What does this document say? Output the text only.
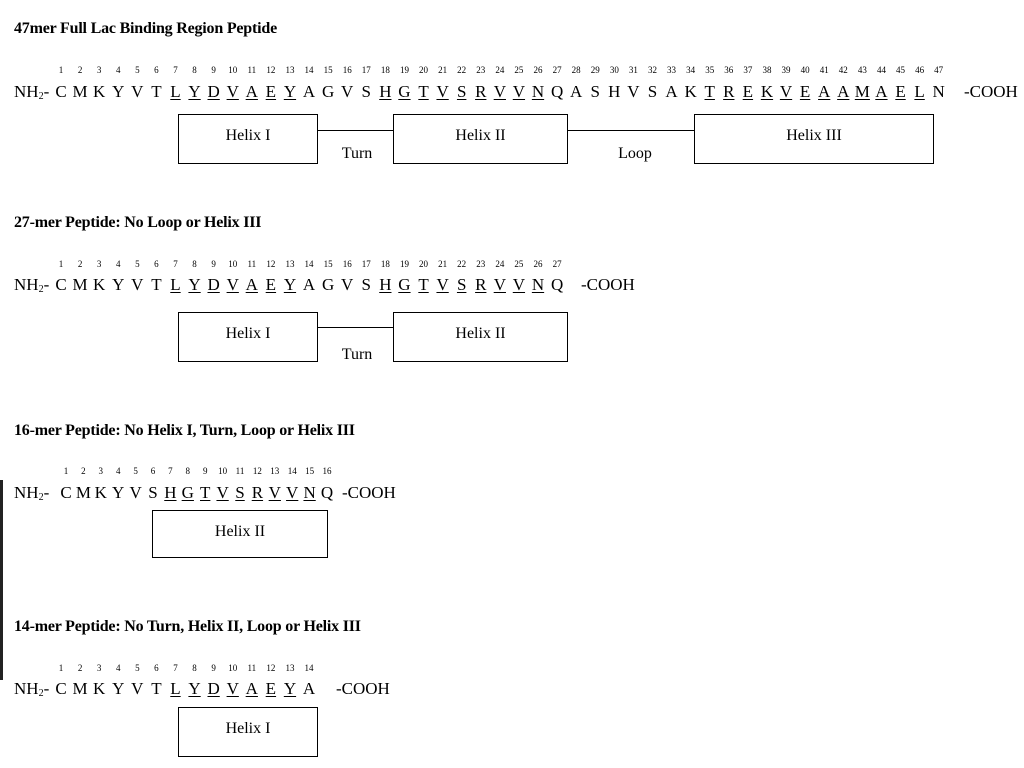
47mer Full Lac Binding Region Peptide
$NH_2-$	-COOH
Helix I	Helix II	Helix III
Turn	Loop
27-mer Peptide: No Loop or Helix III
$NH_2-$	-COOH
Helix I	Helix II
Turn
16-mer Peptide: No Helix I, Turn, Loop or Helix III
$NH_2-$	-COOH
Helix II
14-mer Peptide: No Turn, Helix II, Loop or Helix III
$NH_2-$	-COOH
Helix I
1 2 3 4 5 6 7 8 9 10 11 12 13 14 15 16 17 18 19 20 21 22 23 24 25 26 27 28 29 30 31 32 33 34 35 36 37 38 39 40 41 42 43 44 45 46 47
1 2 3 4 5 6 7 8 9 10 11 12 13 14 15 16 17 18 19 20 21 22 23 24 25 26 27
1 2 3 4 5 6 7 8 9 10 11 12 13 14 15 16
1 2 3 4 5 6 7 8 9 10 11 12 13 14
C M K Y V T L Y D V A E Y A G V S H G T V S R V V N Q A S H V S A K T R E K V E A A M A E L N
C M K Y V T L Y D V A E Y A G V S H G T V S R V V N Q
C M K Y V S H G T V S R V V N Q
C M K Y V T L Y D V A E Y A
